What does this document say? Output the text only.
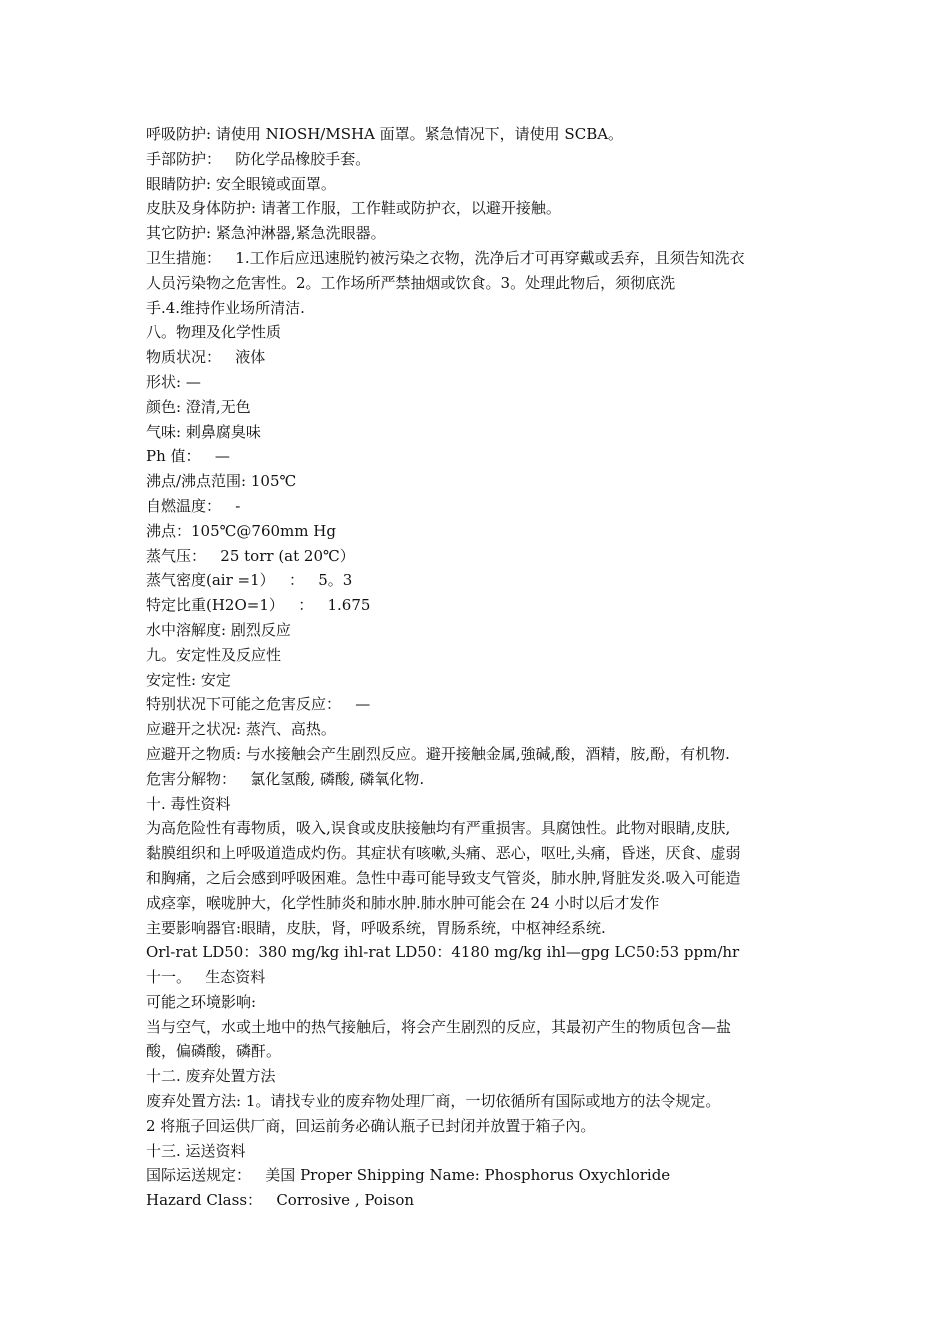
呼吸防护: 请使用 NIOSH/MSHA 面罩。紧急情况下，请使用 SCBA。
手部防护：   防化学品橡胶手套。
眼睛防护: 安全眼镜或面罩。
皮肤及身体防护: 请著工作服，工作鞋或防护衣，以避开接触。
其它防护: 紧急沖淋器,紧急洗眼器。
卫生措施：   1.工作后应迅速脱钓被污染之衣物，洗净后才可再穿戴或丢弃，且须告知洗衣
人员污染物之危害性。2。工作场所严禁抽烟或饮食。3。处理此物后，须彻底洗
手.4.维持作业场所清洁.
八。物理及化学性质
物质状况：   液体
形状: —
颜色: 澄清,无色
气味: 刺鼻腐臭味
Ph 值：   —
沸点/沸点范围: 105℃
自燃温度：   -
沸点：105℃@760mm Hg
蒸气压：   25 torr (at 20℃）
蒸气密度(air =1）   ：   5。3
特定比重(H2O=1）   ：   1.675
水中溶解度: 剧烈反应
九。安定性及反应性
安定性: 安定
特别状况下可能之危害反应：   —
应避开之状况: 蒸汽、高热。
应避开之物质: 与水接触会产生剧烈反应。避开接触金属,強碱,酸，酒精，胺,酚，有机物.
危害分解物：   氯化氢酸, 磷酸, 磷氧化物.
十. 毒性资料
为高危险性有毒物质，吸入,误食或皮肤接触均有严重损害。具腐蚀性。此物对眼睛,皮肤,
黏膜组织和上呼吸道造成灼伤。其症状有咳嗽,头痛、恶心，呕吐,头痛，昏迷，厌食、虚弱
和胸痛，之后会感到呼吸困难。急性中毒可能导致支气管炎，肺水肿,肾脏发炎.吸入可能造
成痉挛，喉咙肿大，化学性肺炎和肺水肿.肺水肿可能会在 24 小时以后才发作
主要影响器官:眼睛，皮肤，肾，呼吸系统，胃肠系统，中枢神经系统.
Orl-rat LD50：380 mg/kg ihl-rat LD50：4180 mg/kg ihl—gpg LC50:53 ppm/hr
十一。   生态资料
可能之环境影响:
当与空气，水或土地中的热气接触后，将会产生剧烈的反应，其最初产生的物质包含—盐
酸，偏磷酸，磷酐。
十二. 废弃处置方法
废弃处置方法: 1。请找专业的废弃物处理厂商，一切依循所有国际或地方的法令规定。
2 将瓶子回运供厂商，回运前务必确认瓶子已封闭并放置于箱子內。
十三. 运送资料
国际运送规定：   美国 Proper Shipping Name: Phosphorus Oxychloride
Hazard Class：   Corrosive , Poison
